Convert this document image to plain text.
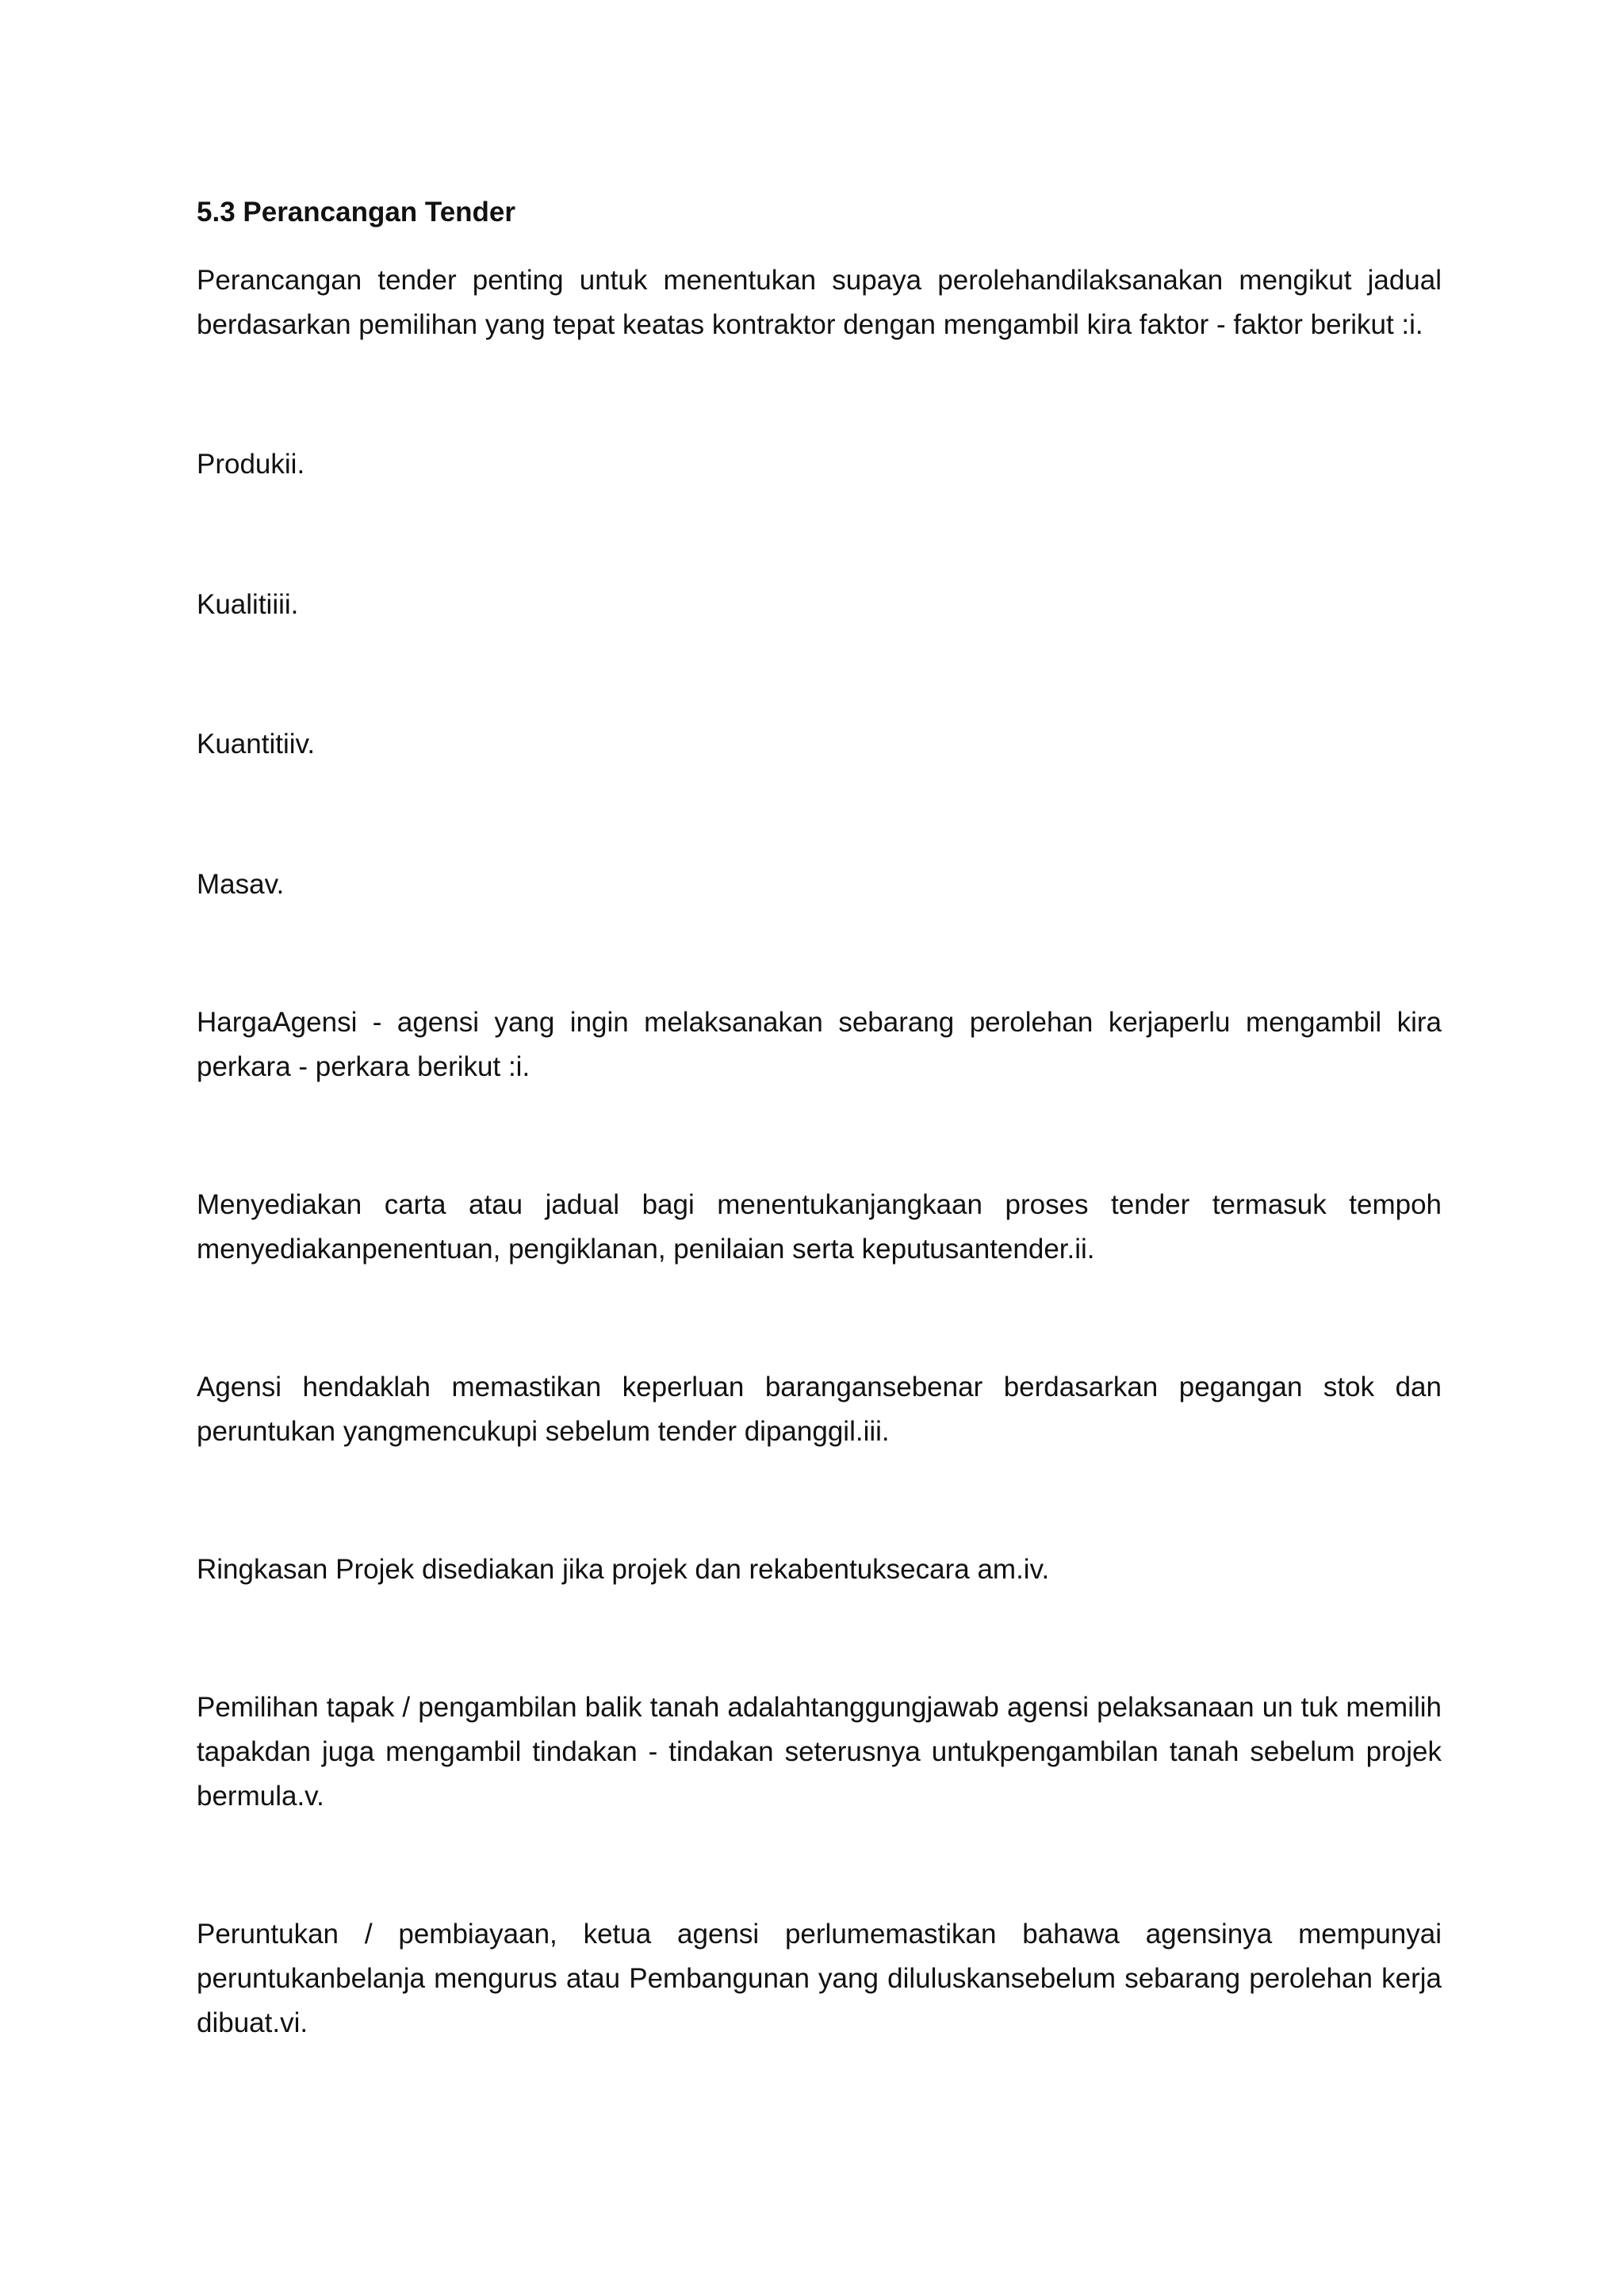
5.3 Perancangan Tender

Perancangan tender penting untuk menentukan supaya perolehandilaksanakan mengikut jadual berdasarkan pemilihan yang tepat keatas kontraktor dengan mengambil kira faktor - faktor berikut :i.

Produkii.

Kualitiiii.

Kuantitiiv.

Masav.

HargaAgensi - agensi yang ingin melaksanakan sebarang perolehan kerjaperlu mengambil kira perkara - perkara berikut :i.

Menyediakan carta atau jadual bagi menentukanjangkaan proses tender termasuk tempoh menyediakanpenentuan, pengiklanan, penilaian serta keputusantender.ii.

Agensi hendaklah memastikan keperluan barangansebenar berdasarkan pegangan stok dan peruntukan yangmencukupi sebelum tender dipanggil.iii.

Ringkasan Projek disediakan jika projek dan rekabentuksecara am.iv.

Pemilihan tapak / pengambilan balik tanah adalahtanggungjawab agensi pelaksanaan un tuk memilih tapakdan juga mengambil tindakan - tindakan seterusnya untukpengambilan tanah sebelum projek bermula.v.

Peruntukan / pembiayaan, ketua agensi perlumemastikan bahawa agensinya mempunyai peruntukanbelanja mengurus atau Pembangunan yang diluluskansebelum sebarang perolehan kerja dibuat.vi.
